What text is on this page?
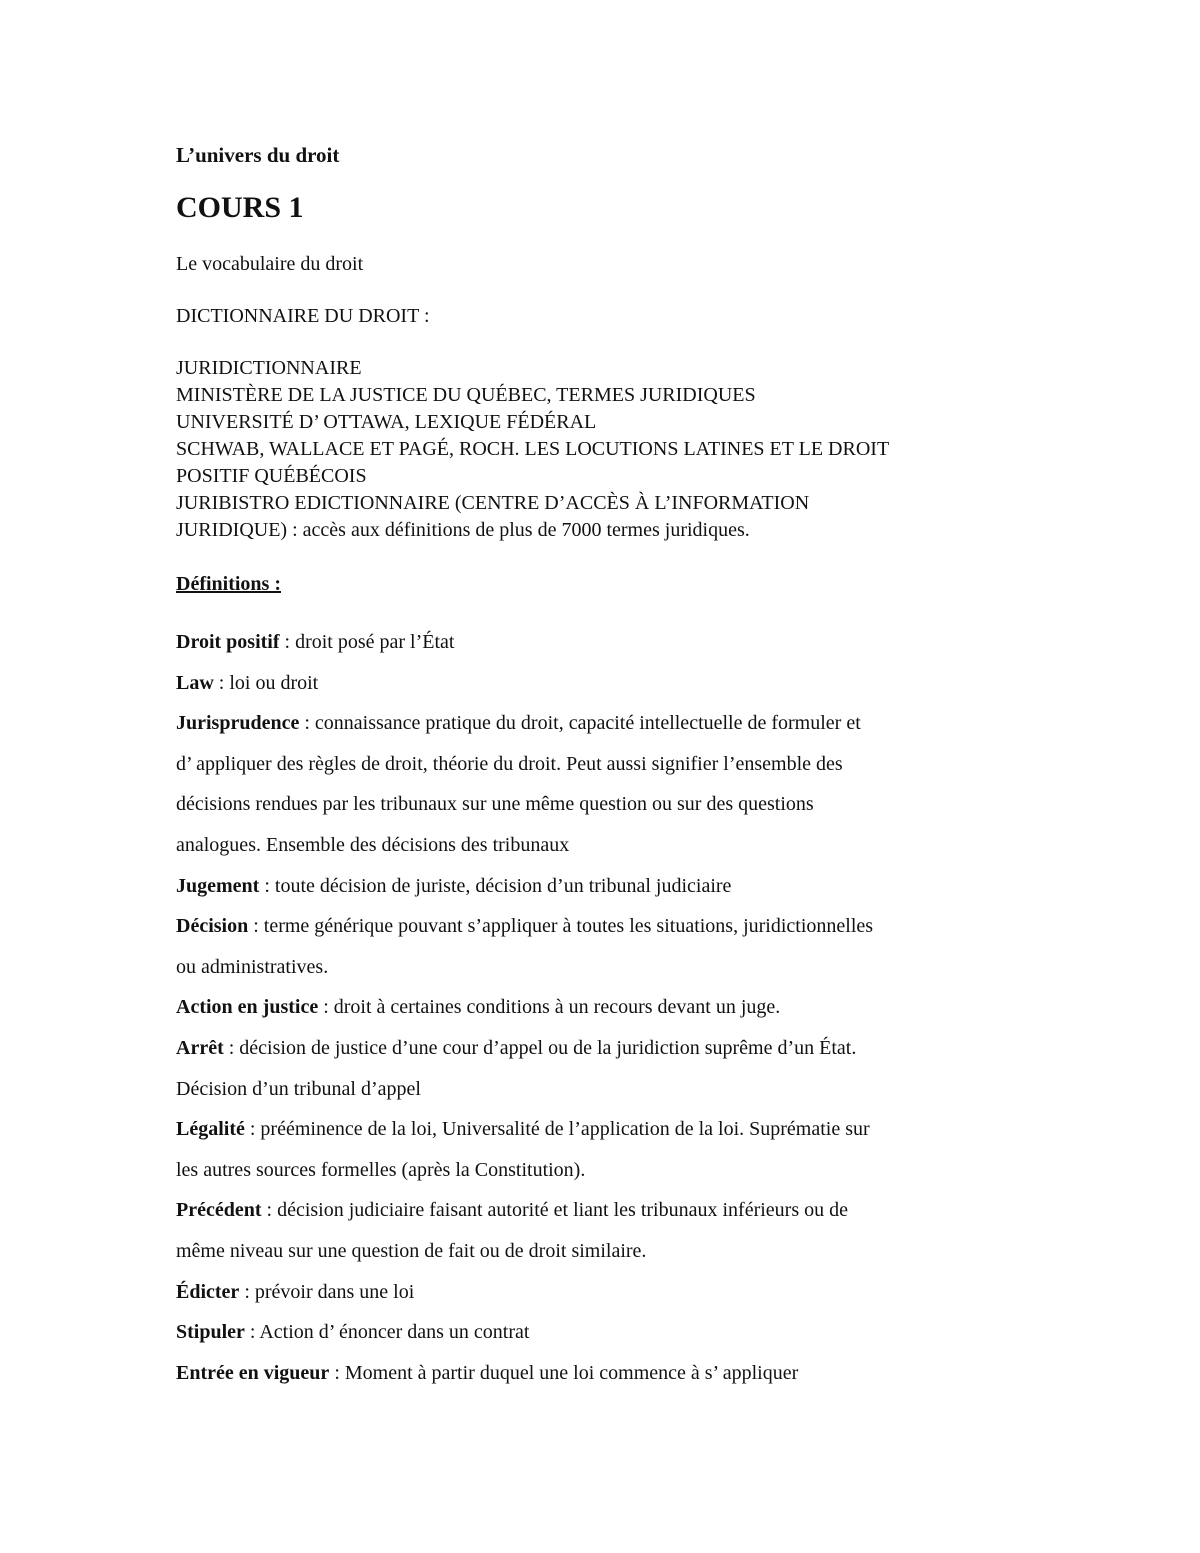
L’univers du droit

COURS 1

Le vocabulaire du droit

DICTIONNAIRE DU DROIT :

JURIDICTIONNAIRE
MINISTÈRE DE LA JUSTICE DU QUÉBEC, TERMES JURIDIQUES
UNIVERSITÉ D’ OTTAWA, LEXIQUE FÉDÉRAL
SCHWAB, WALLACE ET PAGÉ, ROCH. LES LOCUTIONS LATINES ET LE DROIT
POSITIF QUÉBÉCOIS
JURIBISTRO EDICTIONNAIRE (CENTRE D’ACCÈS À L’INFORMATION
JURIDIQUE) : accès aux définitions de plus de 7000 termes juridiques.

Définitions :

Droit positif : droit posé par l’État
Law : loi ou droit
Jurisprudence : connaissance pratique du droit, capacité intellectuelle de formuler et
d’ appliquer des règles de droit, théorie du droit. Peut aussi signifier l’ensemble des
décisions rendues par les tribunaux sur une même question ou sur des questions
analogues. Ensemble des décisions des tribunaux
Jugement : toute décision de juriste, décision d’un tribunal judiciaire
Décision : terme générique pouvant s’appliquer à toutes les situations, juridictionnelles
ou administratives.
Action en justice : droit à certaines conditions à un recours devant un juge.
Arrêt : décision de justice d’une cour d’appel ou de la juridiction suprême d’un État.
Décision d’un tribunal d’appel
Légalité : prééminence de la loi, Universalité de l’application de la loi. Suprématie sur
les autres sources formelles (après la Constitution).
Précédent : décision judiciaire faisant autorité et liant les tribunaux inférieurs ou de
même niveau sur une question de fait ou de droit similaire.
Édicter : prévoir dans une loi
Stipuler : Action d’ énoncer dans un contrat
Entrée en vigueur : Moment à partir duquel une loi commence à s’ appliquer
